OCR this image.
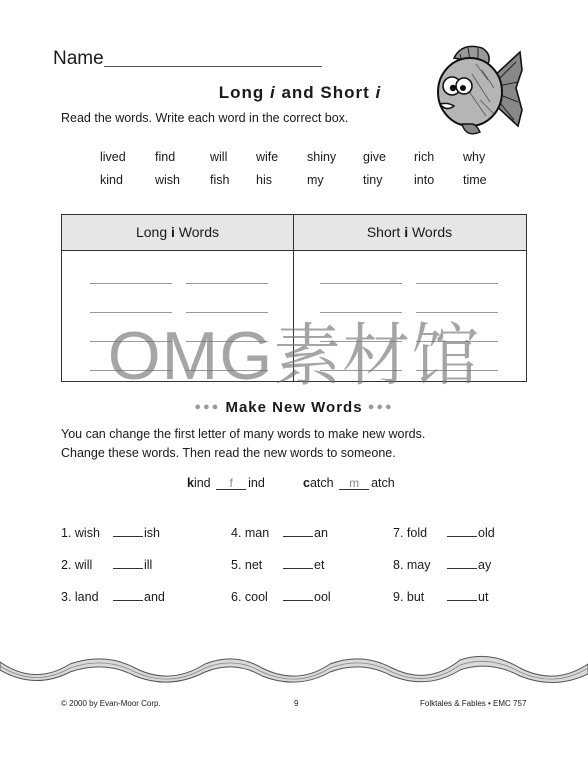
Name
Long i and Short i
Read the words. Write each word in the correct box.
lived find	will wife shiny give rich why
kind	wish fish his	my	tiny	into time
Long i Words	Short i Words
●●● Make New Words ●●●
You can change the first letter of many words to make new words.
Change these words. Then read the new words to someone.
kind f ind	catch m atch
1. wish	ish	4. man	an	7. fold	old
2. will	ill	5. net	et	8. may	ay
3. land	and	6. cool	ool	9. but	ut
© 2000 by Evan-Moor Corp.	9	Folktales & Fables • EMC 757
OMG素材馆
